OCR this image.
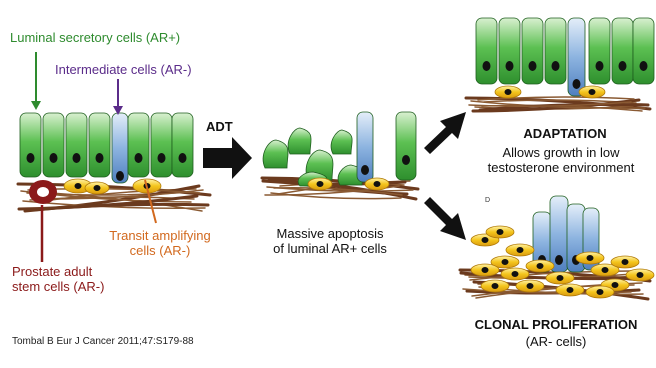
Luminal secretory cells (AR+)
Intermediate cells (AR-)
Transit amplifying
cells (AR-)
Prostate adult
stem cells (AR-)
ADT
Massive apoptosis
of luminal AR+ cells
ADAPTATION
Allows growth in low
testosterone environment
D
CLONAL PROLIFERATION
(AR- cells)
Tombal B Eur J Cancer 2011;47:S179-88
